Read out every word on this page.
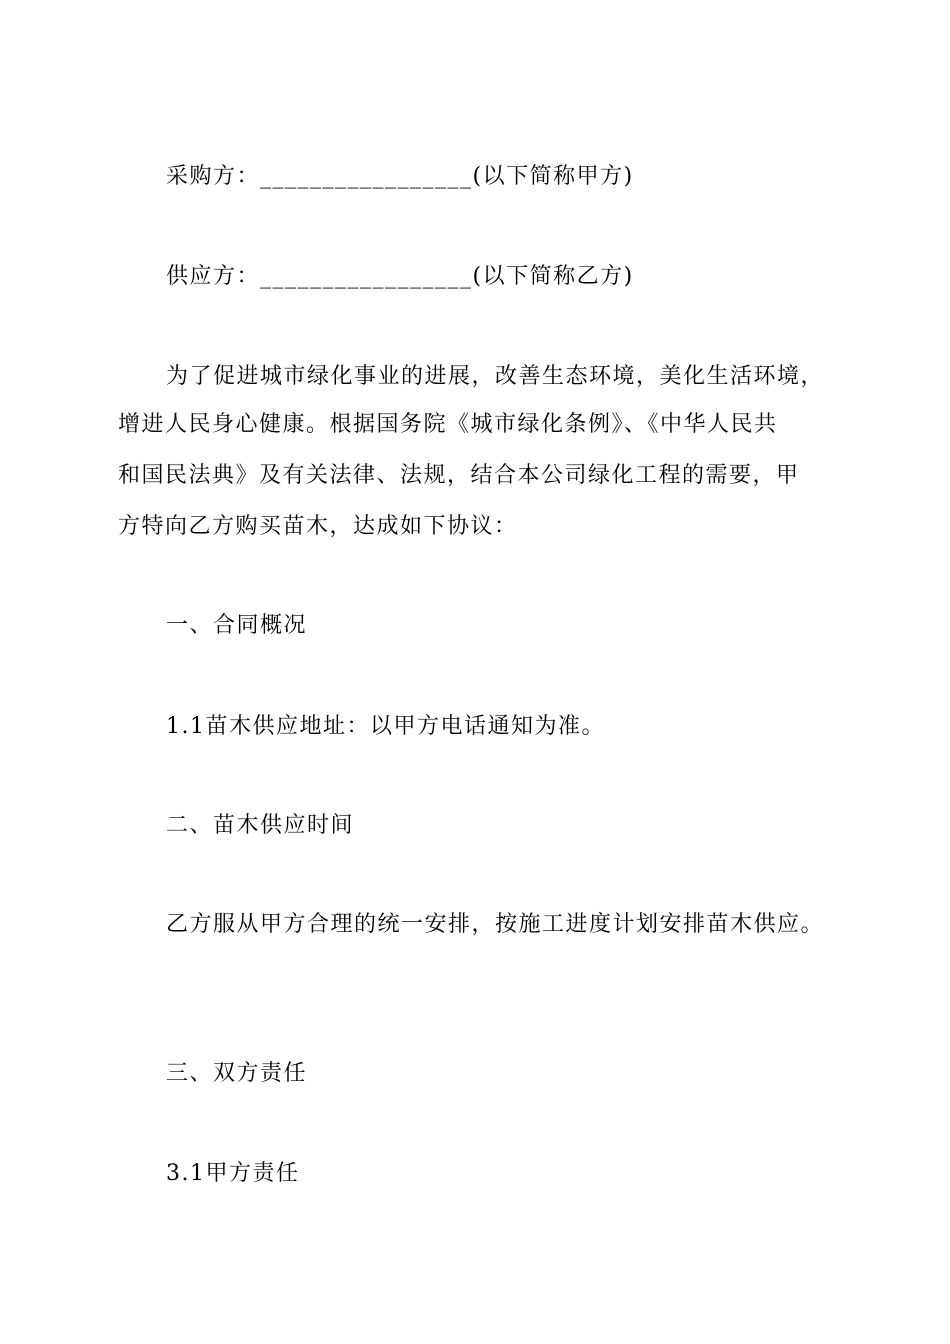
采购方：_________________(以下简称甲方)
供应方：_________________(以下简称乙方)
为了促进城市绿化事业的进展，改善生态环境，美化生活环境，
增进人民身心健康。根据国务院《城市绿化条例》、《中华人民共
和国民法典》及有关法律、法规，结合本公司绿化工程的需要，甲
方特向乙方购买苗木，达成如下协议：
一、合同概况
1.1苗木供应地址：以甲方电话通知为准。
二、苗木供应时间
乙方服从甲方合理的统一安排，按施工进度计划安排苗木供应。
三、双方责任
3.1甲方责任
